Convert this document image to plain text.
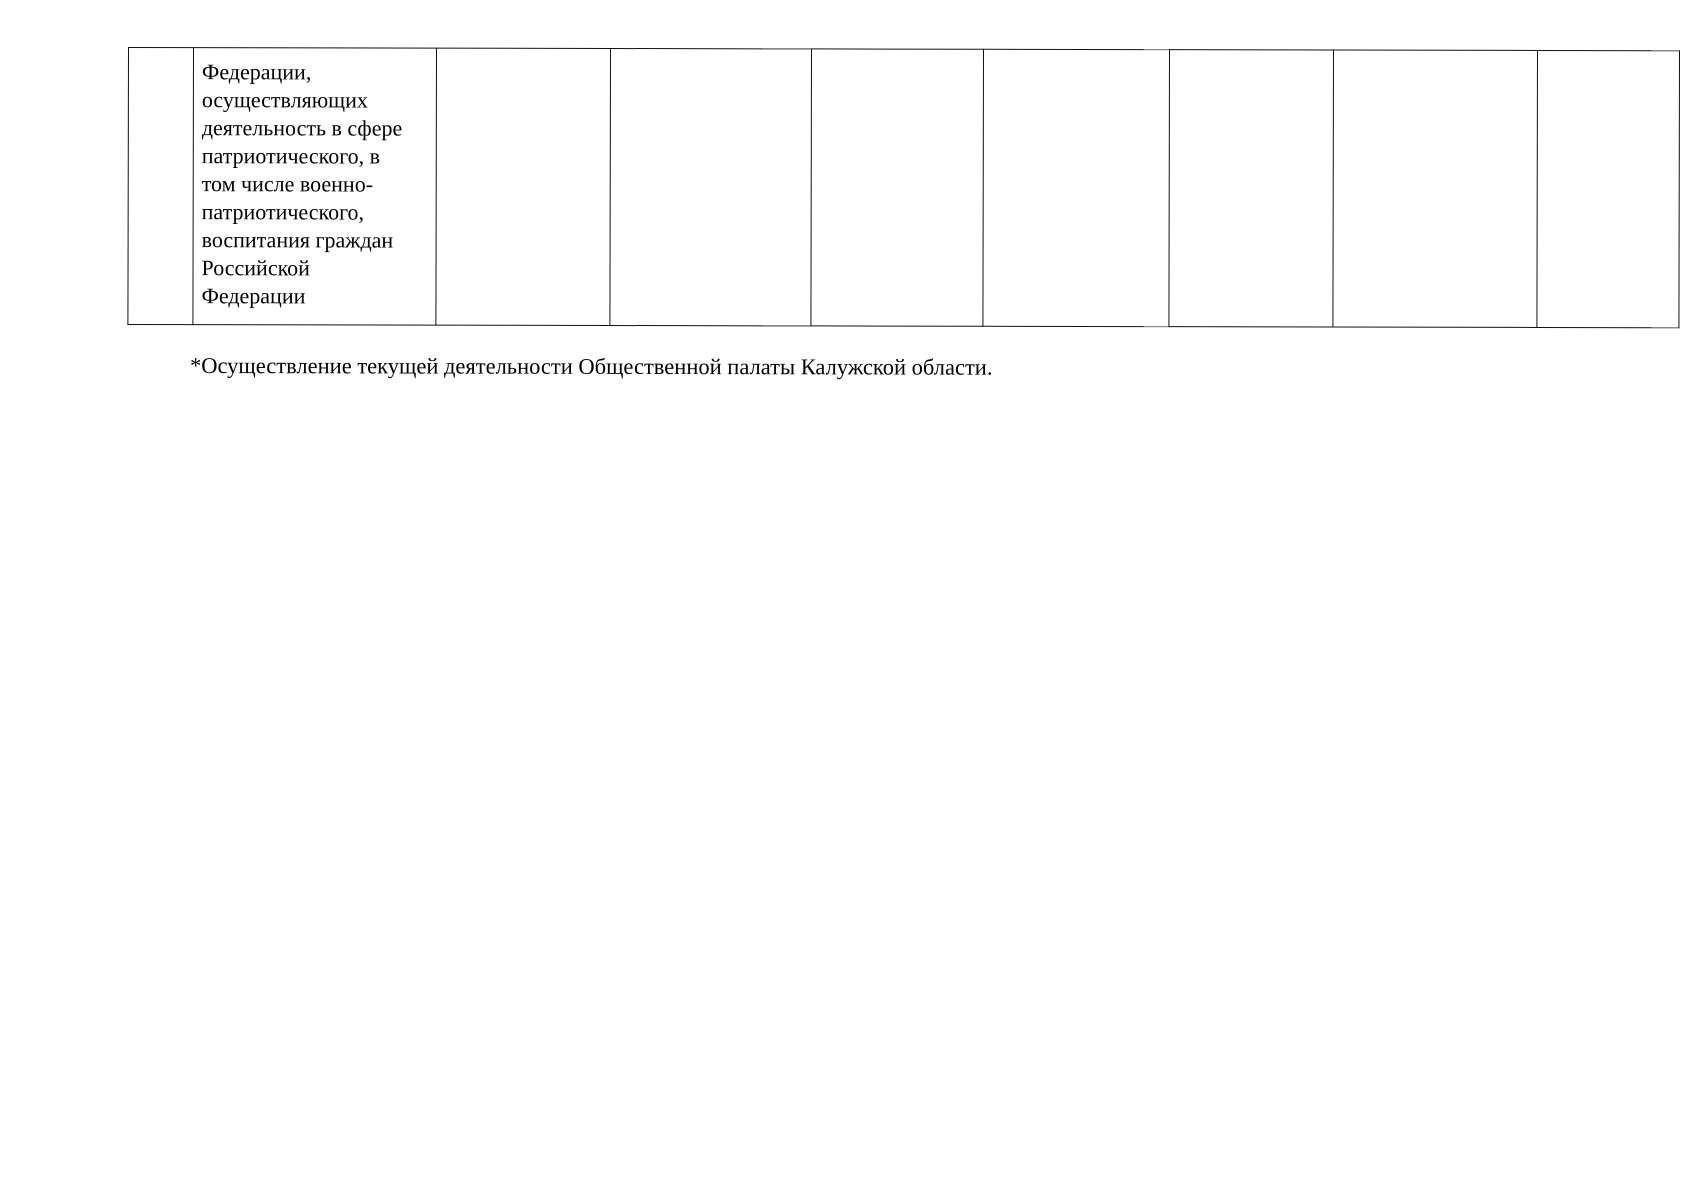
Федерации,
осуществляющих
деятельность в сфере
патриотического, в
том числе военно-
патриотического,
воспитания граждан
Российской
Федерации

*Осуществление текущей деятельности Общественной палаты Калужской области.
